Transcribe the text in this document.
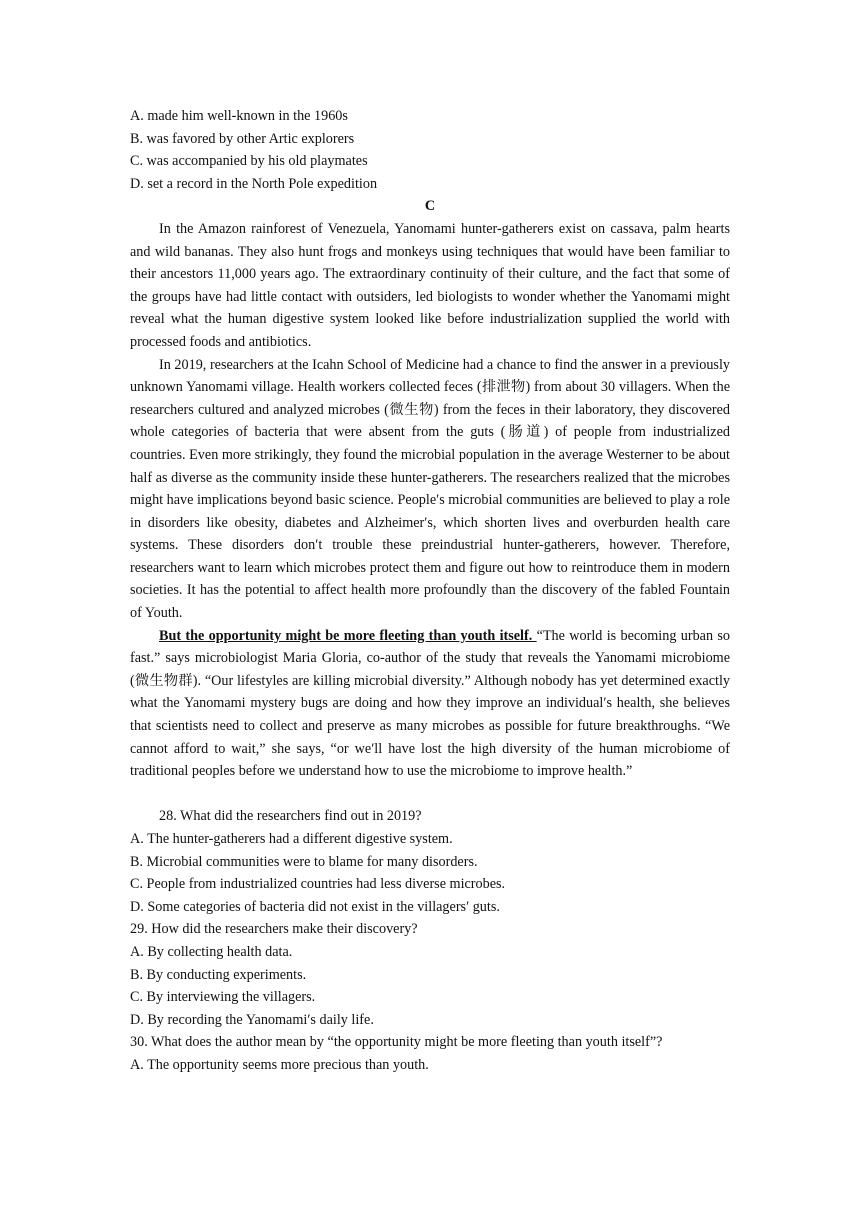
A. made him well-known in the 1960s
B. was favored by other Artic explorers
C. was accompanied by his old playmates
D. set a record in the North Pole expedition
C
In the Amazon rainforest of Venezuela, Yanomami hunter-gatherers exist on cassava, palm hearts and wild bananas. They also hunt frogs and monkeys using techniques that would have been familiar to their ancestors 11,000 years ago. The extraordinary continuity of their culture, and the fact that some of the groups have had little contact with outsiders, led biologists to wonder whether the Yanomami might reveal what the human digestive system looked like before industrialization supplied the world with processed foods and antibiotics.
In 2019, researchers at the Icahn School of Medicine had a chance to find the answer in a previously unknown Yanomami village. Health workers collected feces (排泄物) from about 30 villagers. When the researchers cultured and analyzed microbes (微生物) from the feces in their laboratory, they discovered whole categories of bacteria that were absent from the guts (肠道) of people from industrialized countries. Even more strikingly, they found the microbial population in the average Westerner to be about half as diverse as the community inside these hunter-gatherers. The researchers realized that the microbes might have implications beyond basic science. People′s microbial communities are believed to play a role in disorders like obesity, diabetes and Alzheimer′s, which shorten lives and overburden health care systems. These disorders don′t trouble these preindustrial hunter-gatherers, however. Therefore, researchers want to learn which microbes protect them and figure out how to reintroduce them in modern societies. It has the potential to affect health more profoundly than the discovery of the fabled Fountain of Youth.
But the opportunity might be more fleeting than youth itself. “The world is becoming urban so fast.” says microbiologist Maria Gloria, co-author of the study that reveals the Yanomami microbiome (微生物群). “Our lifestyles are killing microbial diversity.” Although nobody has yet determined exactly what the Yanomami mystery bugs are doing and how they improve an individual′s health, she believes that scientists need to collect and preserve as many microbes as possible for future breakthroughs. “We cannot afford to wait,” she says, “or we′ll have lost the high diversity of the human microbiome of traditional peoples before we understand how to use the microbiome to improve health.”
28. What did the researchers find out in 2019?
A. The hunter-gatherers had a different digestive system.
B. Microbial communities were to blame for many disorders.
C. People from industrialized countries had less diverse microbes.
D. Some categories of bacteria did not exist in the villagers′ guts.
29. How did the researchers make their discovery?
A. By collecting health data.
B. By conducting experiments.
C. By interviewing the villagers.
D. By recording the Yanomami′s daily life.
30. What does the author mean by “the opportunity might be more fleeting than youth itself”?
A. The opportunity seems more precious than youth.
